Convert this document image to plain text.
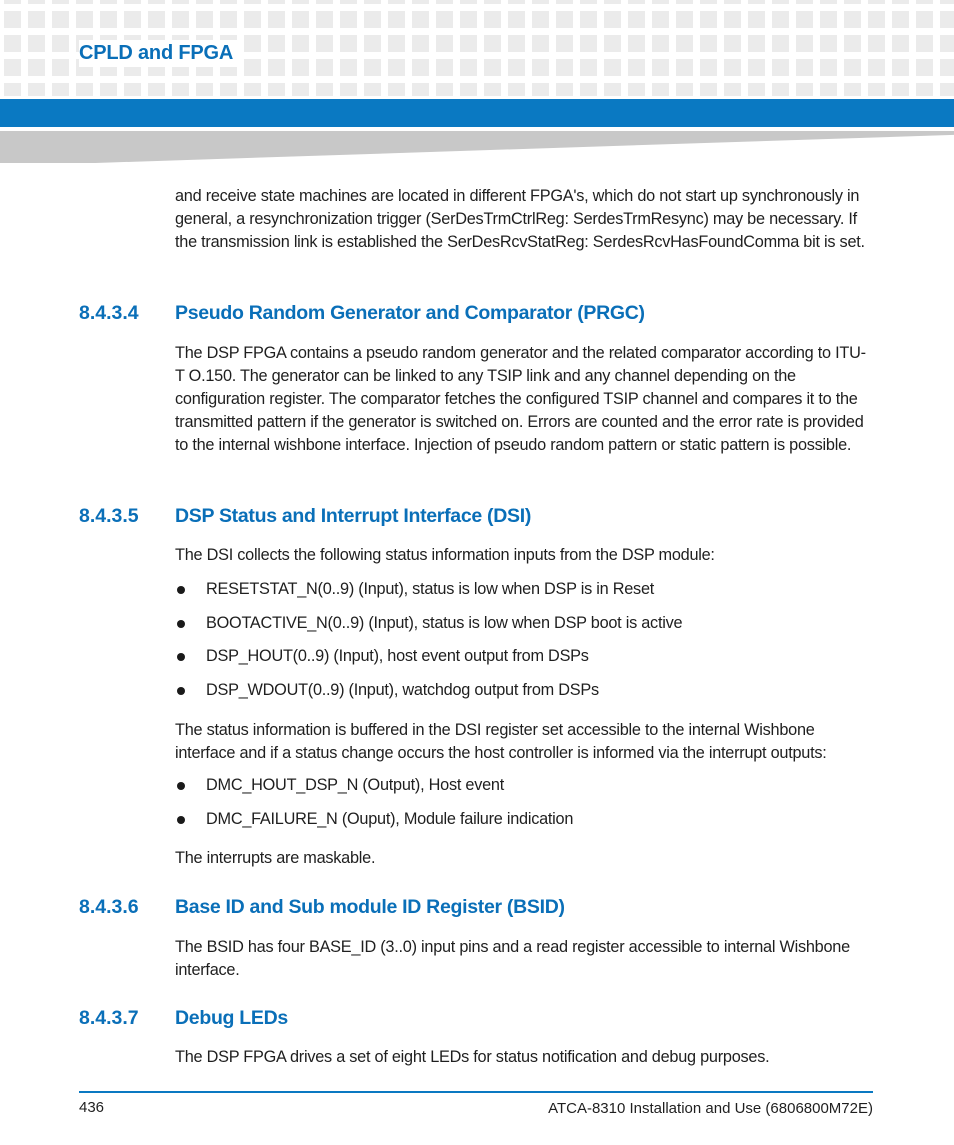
CPLD and FPGA

and receive state machines are located in different FPGA's, which do not start up synchronously in general, a resynchronization trigger (SerDesTrmCtrlReg: SerdesTrmResync) may be necessary. If the transmission link is established the SerDesRcvStatReg: SerdesRcvHasFoundComma bit is set.

8.4.3.4 Pseudo Random Generator and Comparator (PRGC)

The DSP FPGA contains a pseudo random generator and the related comparator according to ITU-T O.150. The generator can be linked to any TSIP link and any channel depending on the configuration register. The comparator fetches the configured TSIP channel and compares it to the transmitted pattern if the generator is switched on. Errors are counted and the error rate is provided to the internal wishbone interface. Injection of pseudo random pattern or static pattern is possible.

8.4.3.5 DSP Status and Interrupt Interface (DSI)

The DSI collects the following status information inputs from the DSP module:

RESETSTAT_N(0..9) (Input), status is low when DSP is in Reset
BOOTACTIVE_N(0..9) (Input), status is low when DSP boot is active
DSP_HOUT(0..9) (Input), host event output from DSPs
DSP_WDOUT(0..9) (Input), watchdog output from DSPs

The status information is buffered in the DSI register set accessible to the internal Wishbone interface and if a status change occurs the host controller is informed via the interrupt outputs:

DMC_HOUT_DSP_N (Output), Host event
DMC_FAILURE_N (Ouput), Module failure indication

The interrupts are maskable.

8.4.3.6 Base ID and Sub module ID Register (BSID)

The BSID has four BASE_ID (3..0) input pins and a read register accessible to internal Wishbone interface.

8.4.3.7 Debug LEDs

The DSP FPGA drives a set of eight LEDs for status notification and debug purposes.

436	ATCA-8310 Installation and Use (6806800M72E)
